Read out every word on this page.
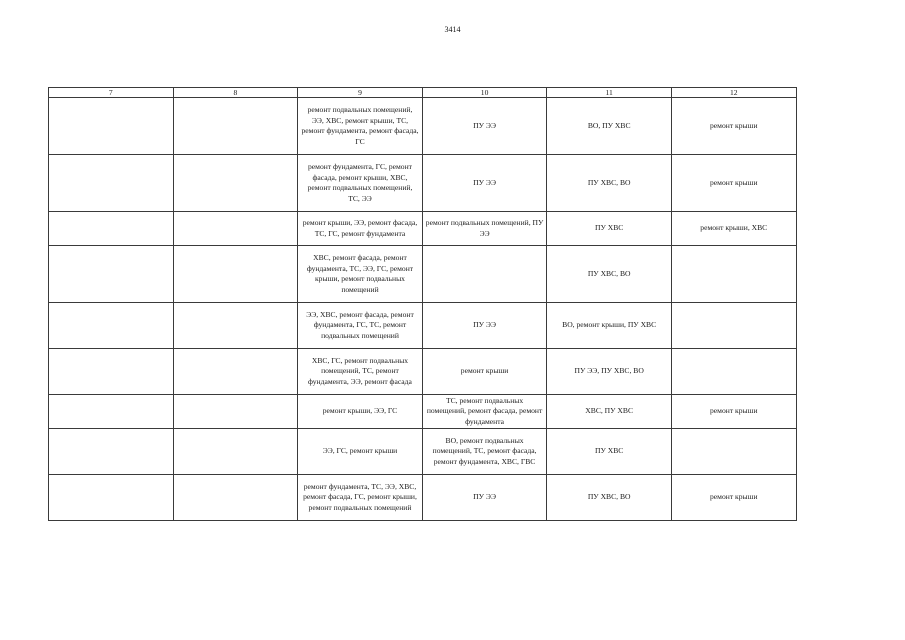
3414
7	8	9	10	11	12
		ремонт подвальных помещений, ЭЭ, ХВС, ремонт крыши, ТС, ремонт фундамента, ремонт фасада, ГС	ПУ ЭЭ	ВО, ПУ ХВС	ремонт крыши
		ремонт фундамента, ГС, ремонт фасада, ремонт крыши, ХВС, ремонт подвальных помещений, ТС, ЭЭ	ПУ ЭЭ	ПУ ХВС, ВО	ремонт крыши
		ремонт крыши, ЭЭ, ремонт фасада, ТС, ГС, ремонт фундамента	ремонт подвальных помещений, ПУ ЭЭ	ПУ ХВС	ремонт крыши, ХВС
		ХВС, ремонт фасада, ремонт фундамента, ТС, ЭЭ, ГС, ремонт крыши, ремонт подвальных помещений		ПУ ХВС, ВО	
		ЭЭ, ХВС, ремонт фасада, ремонт фундамента, ГС, ТС, ремонт подвальных помещений	ПУ ЭЭ	ВО, ремонт крыши, ПУ ХВС	
		ХВС, ГС, ремонт подвальных помещений, ТС, ремонт фундамента, ЭЭ, ремонт фасада	ремонт крыши	ПУ ЭЭ, ПУ ХВС, ВО	
		ремонт крыши, ЭЭ, ГС	ТС, ремонт подвальных помещений, ремонт фасада, ремонт фундамента	ХВС, ПУ ХВС	ремонт крыши
		ЭЭ, ГС, ремонт крыши	ВО, ремонт подвальных помещений, ТС, ремонт фасада, ремонт фундамента, ХВС, ГВС	ПУ ХВС	
		ремонт фундамента, ТС, ЭЭ, ХВС, ремонт фасада, ГС, ремонт крыши, ремонт подвальных помещений	ПУ ЭЭ	ПУ ХВС, ВО	ремонт крыши
